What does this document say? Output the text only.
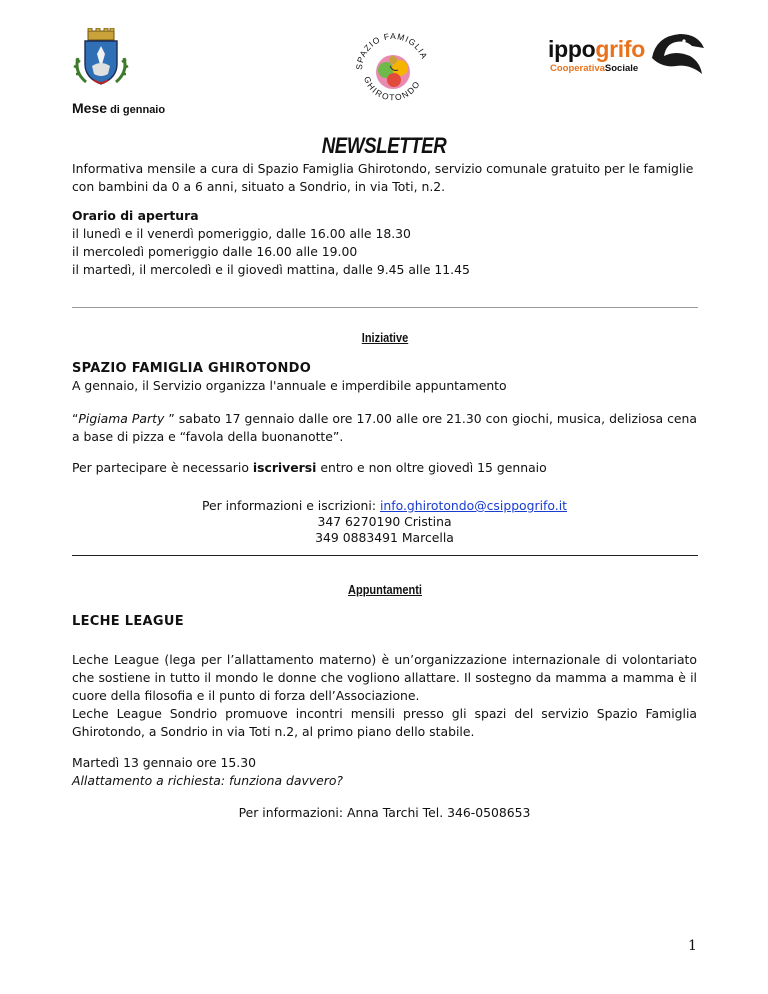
SPAZIO FAMIGLIA
GHIROTONDO
ippogrifo
CooperativaSociale
Mese di gennaio
NEWSLETTER
Informativa mensile a cura di Spazio Famiglia Ghirotondo, servizio comunale gratuito per le famiglie con bambini da 0 a 6 anni, situato a Sondrio, in via Toti, n.2.
Orario di apertura
il lunedì e il venerdì pomeriggio, dalle 16.00 alle 18.30
il mercoledì pomeriggio dalle 16.00 alle 19.00
il martedì, il mercoledì e il giovedì mattina, dalle 9.45 alle 11.45
Iniziative
SPAZIO FAMIGLIA GHIROTONDO
A gennaio, il Servizio organizza l'annuale e imperdibile appuntamento
“Pigiama Party ” sabato 17 gennaio dalle ore 17.00 alle ore 21.30 con giochi, musica, deliziosa cena a base di pizza e “favola della buonanotte”.
Per partecipare è necessario iscriversi entro e non oltre giovedì 15 gennaio
Per informazioni e iscrizioni: info.ghirotondo@csippogrifo.it
347 6270190 Cristina
349 0883491 Marcella
Appuntamenti
LECHE LEAGUE
Leche League (lega per l’allattamento materno) è un’organizzazione internazionale di volontariato che sostiene in tutto il mondo le donne che vogliono allattare. Il sostegno da mamma a mamma è il cuore della filosofia e il punto di forza dell’Associazione.
Leche League Sondrio promuove incontri mensili presso gli spazi del servizio Spazio Famiglia Ghirotondo, a Sondrio in via Toti n.2, al primo piano dello stabile.
Martedì 13 gennaio ore 15.30
Allattamento a richiesta: funziona davvero?
Per informazioni: Anna Tarchi Tel. 346-0508653
1
